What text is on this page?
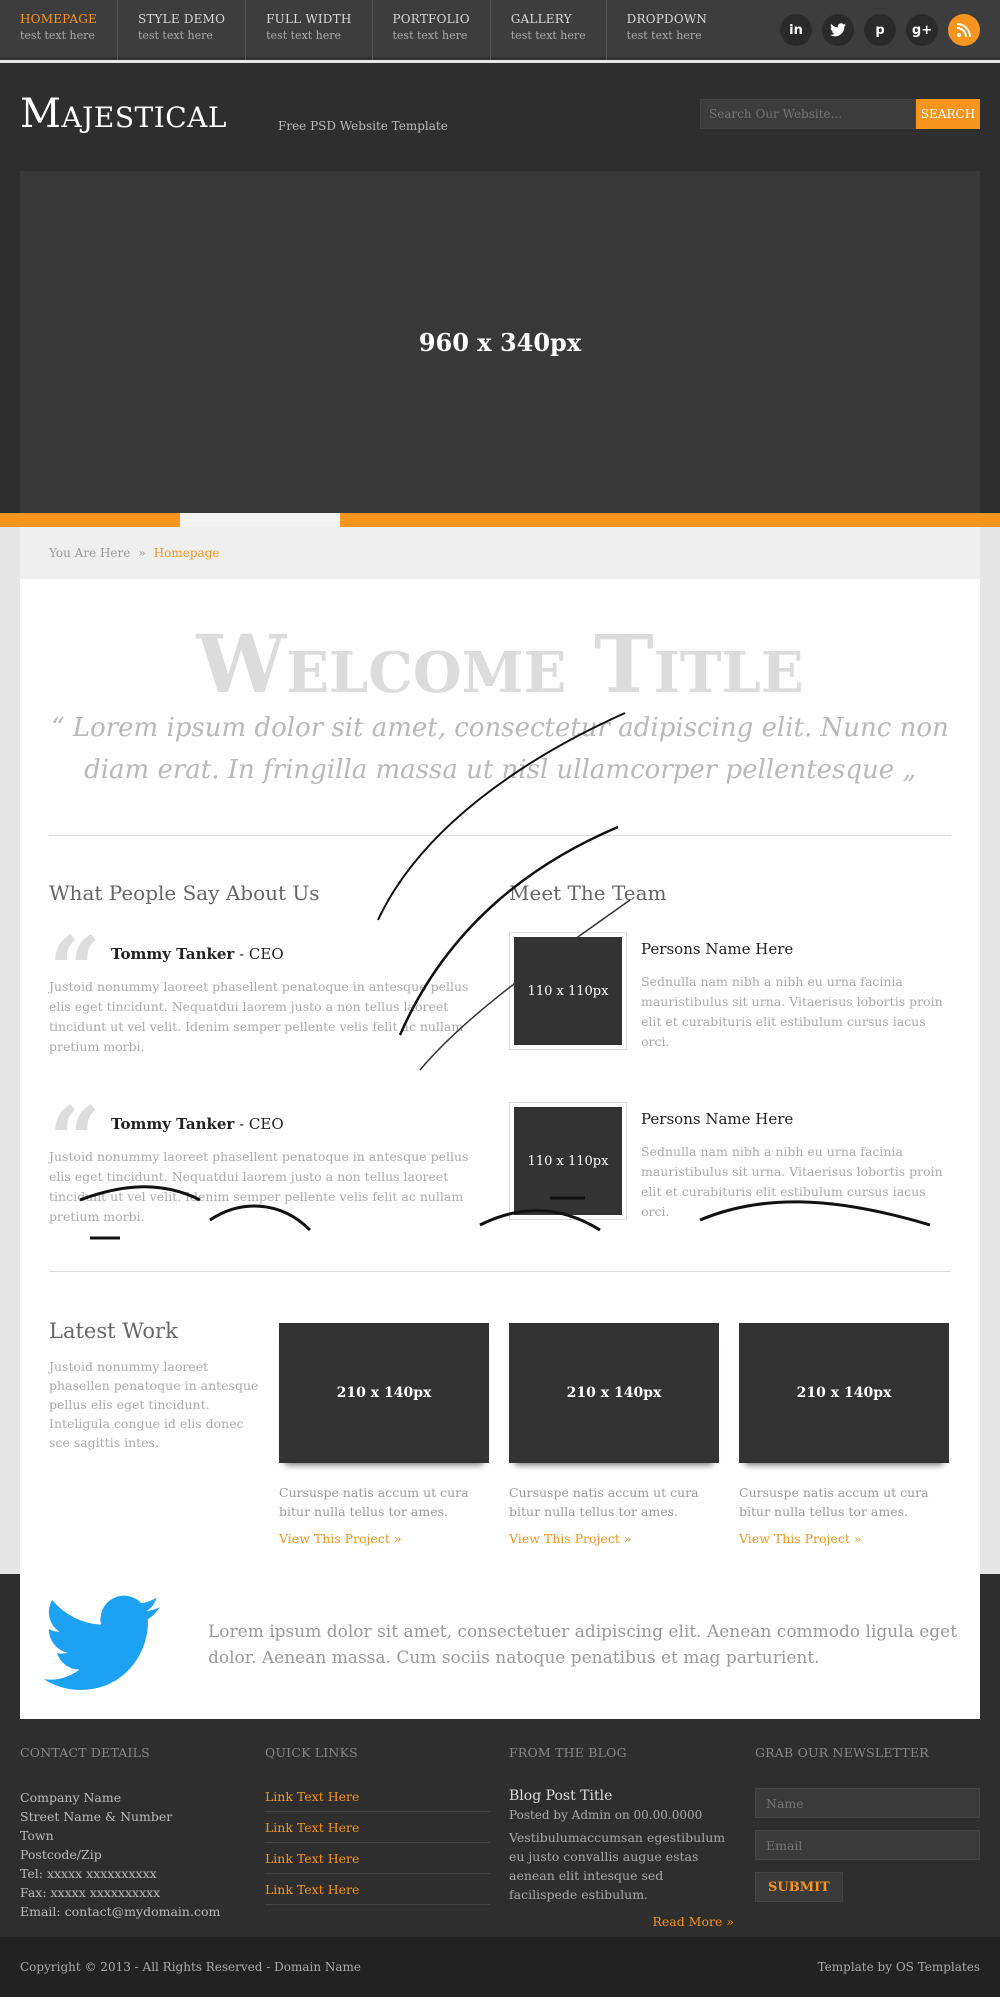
HOMEPAGE
test text here
STYLE DEMO
test text here
FULL WIDTH
test text here
PORTFOLIO
test text here
GALLERY
test text here
DROPDOWN
test text here	in	p	g+
Majestical	Free PSD Website Template
Search Our Website...
SEARCH
960 x 340px
You Are Here » Homepage
Welcome Title
“ Lorem ipsum dolor sit amet, consectetur adipiscing elit. Nunc non diam erat. In fringilla massa ut nisl ullamcorper pellentesque „
What People Say About Us	Meet The Team
“ Tommy Tanker - CEO
Justoid nonummy laoreet phasellent penatoque in antesque pellus elis eget tincidunt. Nequatdui laorem justo a non tellus laoreet tincidunt ut vel velit. Idenim semper pellente velis felit ac nullam pretium morbi.
“ Tommy Tanker - CEO
Justoid nonummy laoreet phasellent penatoque in antesque pellus elis eget tincidunt. Nequatdui laorem justo a non tellus laoreet tincidunt ut vel velit. Idenim semper pellente velis felit ac nullam pretium morbi.
110 x 110px
Persons Name Here
Sednulla nam nibh a nibh eu urna facinia mauristibulus sit urna. Vitaerisus lobortis proin elit et curabituris elit estibulum cursus iacus orci.
110 x 110px
Persons Name Here
Sednulla nam nibh a nibh eu urna facinia mauristibulus sit urna. Vitaerisus lobortis proin elit et curabituris elit estibulum cursus iacus orci.
Latest Work
Justoid nonummy laoreet phasellen penatoque in antesque pellus elis eget tincidunt. Inteligula congue id elis donec sce sagittis intes.
210 x 140px
Cursuspe natis accum ut cura bitur nulla tellus tor ames.
View This Project »
210 x 140px
Cursuspe natis accum ut cura bitur nulla tellus tor ames.
View This Project »
210 x 140px
Cursuspe natis accum ut cura bitur nulla tellus tor ames.
View This Project »
Lorem ipsum dolor sit amet, consectetuer adipiscing elit. Aenean commodo ligula eget dolor. Aenean massa. Cum sociis natoque penatibus et mag parturient.
CONTACT DETAILS
Company Name
Street Name & Number
Town
Postcode/Zip
Tel: xxxxx xxxxxxxxxx
Fax: xxxxx xxxxxxxxxx
Email: contact@mydomain.com
QUICK LINKS
Link Text Here
Link Text Here
Link Text Here
Link Text Here
FROM THE BLOG
Blog Post Title
Posted by Admin on 00.00.0000
Vestibulumaccumsan egestibulum eu justo convallis augue estas aenean elit intesque sed facilispede estibulum.
Read More »
GRAB OUR NEWSLETTER
Name
Email SUBMIT
Copyright © 2013 - All Rights Reserved - Domain Name	Template by OS Templates
